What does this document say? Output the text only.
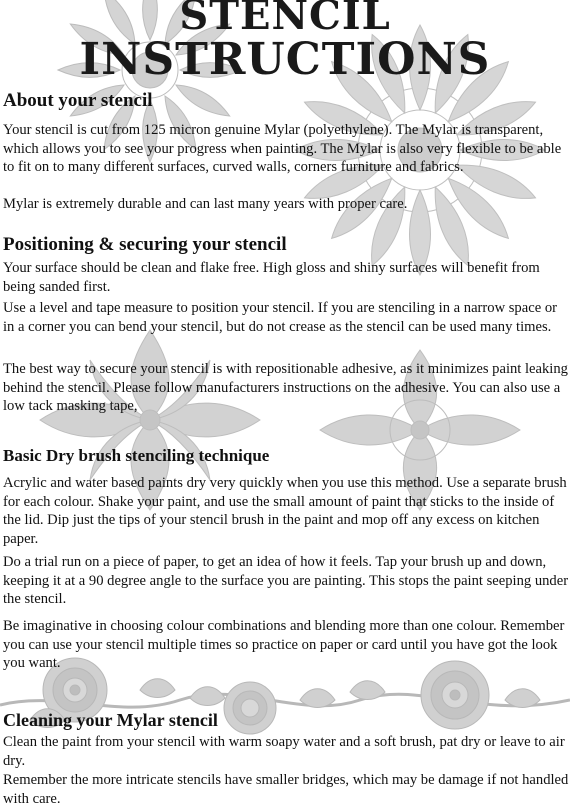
STENCIL
INSTRUCTIONS
About your stencil

Your stencil is cut from 125 micron genuine Mylar (polyethylene). The Mylar is transparent, which allows you to see your progress when painting. The Mylar is also very flexible to be able to fit on to many different surfaces, curved walls, corners furniture and fabrics.

Mylar is extremely durable and can last many years with proper care.

Positioning & securing your stencil

Your surface should be clean and flake free. High gloss and shiny surfaces will benefit from being sanded first.

Use a level and tape measure to position your stencil. If you are stenciling in a narrow space or in a corner you can bend your stencil, but do not crease as the stencil can be used many times.

The best way to secure your stencil is with repositionable adhesive, as it minimizes paint leaking behind the stencil. Please follow manufacturers instructions on the adhesive. You can also use a low tack masking tape,

Basic Dry brush stenciling technique

Acrylic and water based paints dry very quickly when you use this method. Use a separate brush for each colour. Shake your paint, and use the small amount of paint that sticks to the inside of the lid. Dip just the tips of your stencil brush in the paint and mop off any excess on kitchen paper.

Do a trial run on a piece of paper, to get an idea of how it feels. Tap your brush up and down, keeping it at a 90 degree angle to the surface you are painting. This stops the paint seeping under the stencil.

Be imaginative in choosing colour combinations and blending more than one colour. Remember you can use your stencil multiple times so practice on paper or card until you have got the look you want.

Cleaning your Mylar stencil

Clean the paint from your stencil with warm soapy water and a soft brush, pat dry or leave to air dry.

Remember the more intricate stencils have smaller bridges, which may be damage if not handled with care.
